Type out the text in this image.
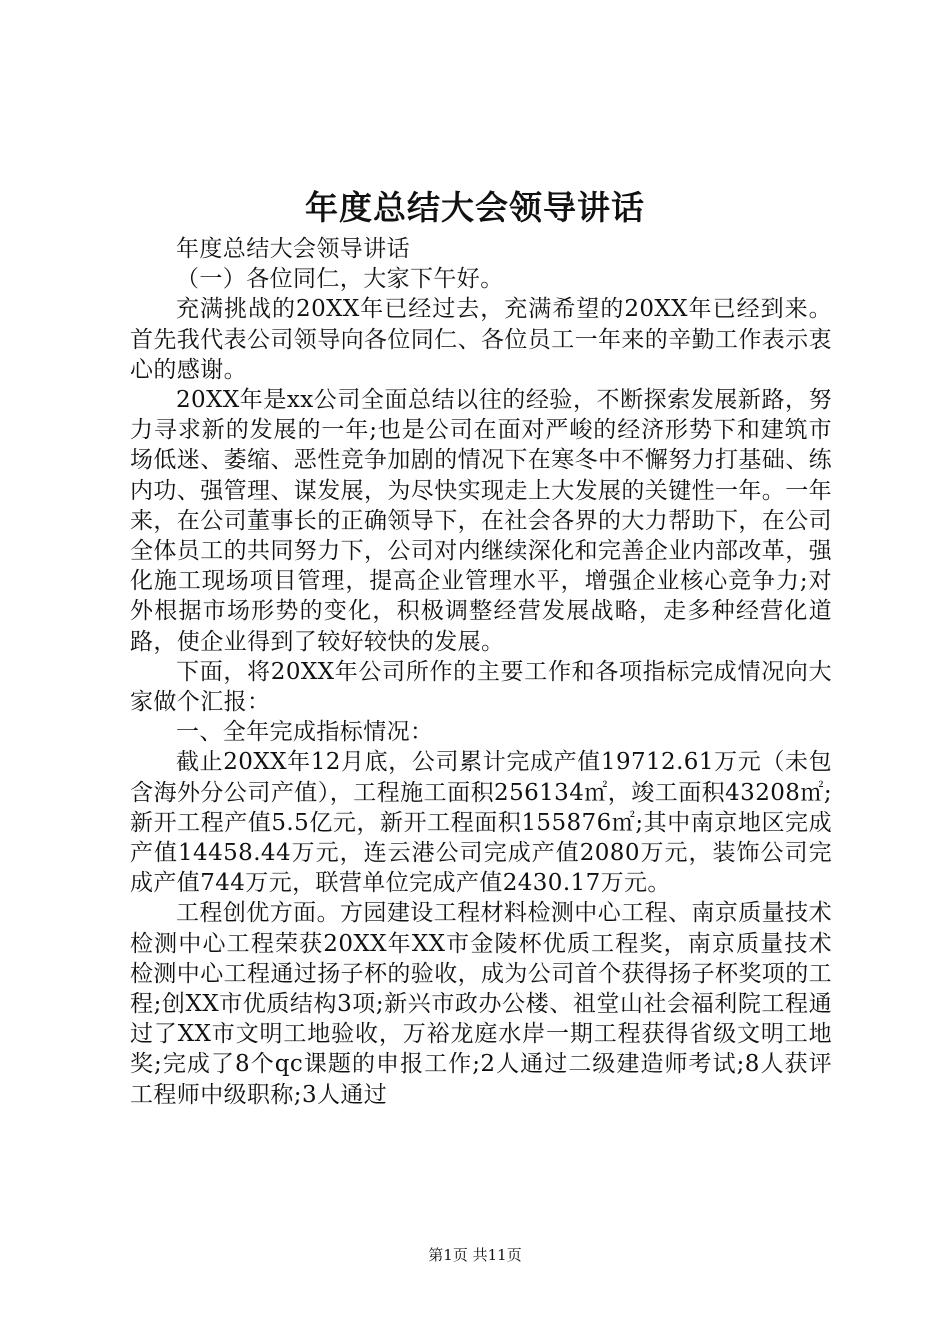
年度总结大会领导讲话

年度总结大会领导讲话

（一）各位同仁，大家下午好。

充满挑战的20XX年已经过去，充满希望的20XX年已经到来。首先我代表公司领导向各位同仁、各位员工一年来的辛勤工作表示衷心的感谢。

20XX年是xx公司全面总结以往的经验，不断探索发展新路，努力寻求新的发展的一年;也是公司在面对严峻的经济形势下和建筑市场低迷、萎缩、恶性竞争加剧的情况下在寒冬中不懈努力打基础、练内功、强管理、谋发展，为尽快实现走上大发展的关键性一年。一年来，在公司董事长的正确领导下，在社会各界的大力帮助下，在公司全体员工的共同努力下，公司对内继续深化和完善企业内部改革，强化施工现场项目管理，提高企业管理水平，增强企业核心竞争力;对外根据市场形势的变化，积极调整经营发展战略，走多种经营化道路，使企业得到了较好较快的发展。

下面，将20XX年公司所作的主要工作和各项指标完成情况向大家做个汇报：

一、全年完成指标情况：

截止20XX年12月底，公司累计完成产值19712.61万元（未包含海外分公司产值），工程施工面积256134㎡，竣工面积43208㎡;新开工程产值5.5亿元，新开工程面积155876㎡;其中南京地区完成产值14458.44万元，连云港公司完成产值2080万元，装饰公司完成产值744万元，联营单位完成产值2430.17万元。

工程创优方面。方园建设工程材料检测中心工程、南京质量技术检测中心工程荣获20XX年XX市金陵杯优质工程奖，南京质量技术检测中心工程通过扬子杯的验收，成为公司首个获得扬子杯奖项的工程;创XX市优质结构3项;新兴市政办公楼、祖堂山社会福利院工程通过了XX市文明工地验收，万裕龙庭水岸一期工程获得省级文明工地奖;完成了8个qc课题的申报工作;2人通过二级建造师考试;8人获评工程师中级职称;3人通过

第1页 共11页
